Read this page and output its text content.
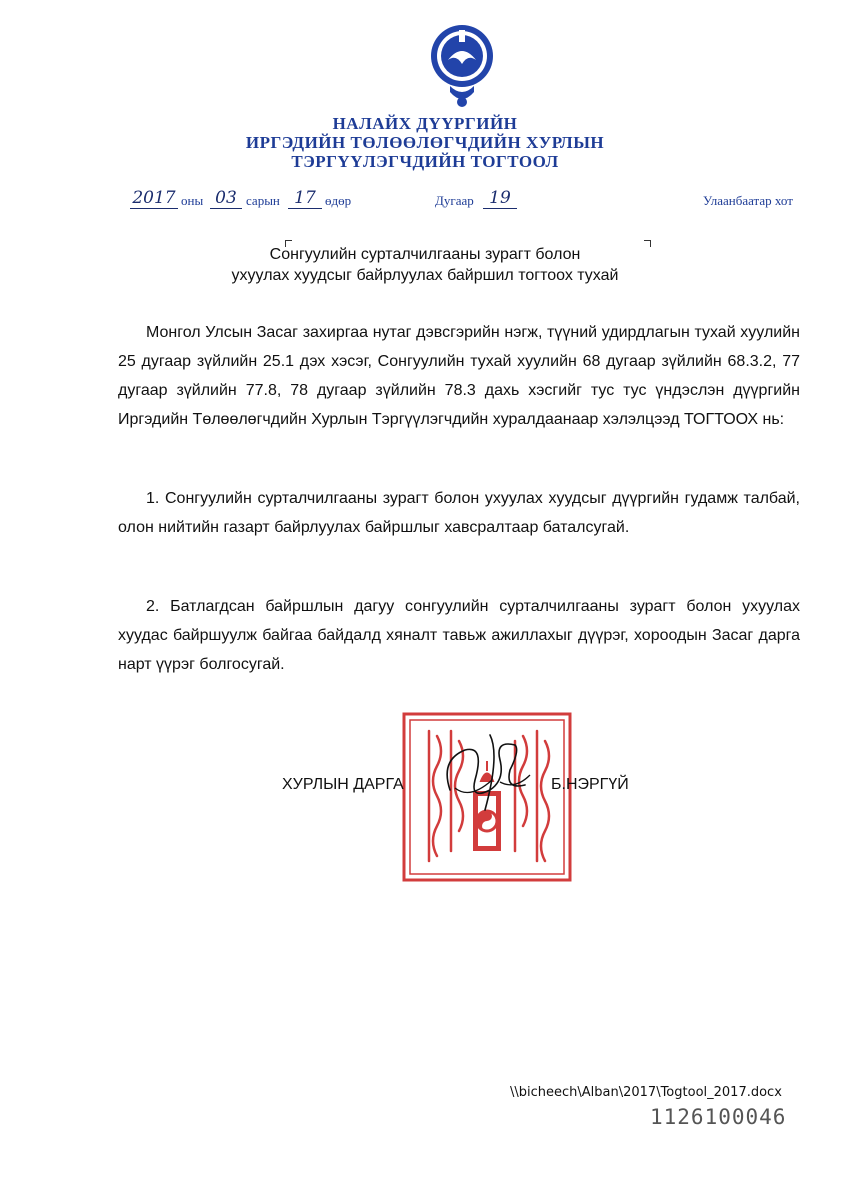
НАЛАЙХ ДҮҮРГИЙН
ИРГЭДИЙН ТӨЛӨӨЛӨГЧДИЙН ХУРЛЫН
ТЭРГҮҮЛЭГЧДИЙН ТОГТООЛ
2017 оны 03 сарын 17 өдөр	Дугаар 19	Улаанбаатар хот
Сонгуулийн сурталчилгааны зурагт болон
ухуулах хуудсыг байрлуулах байршил тогтоох тухай
Монгол Улсын Засаг захиргаа нутаг дэвсгэрийн нэгж, түүний удирдлагын тухай хуулийн 25 дугаар зүйлийн 25.1 дэх хэсэг, Сонгуулийн тухай хуулийн 68 дугаар зүйлийн 68.3.2, 77 дугаар зүйлийн 77.8, 78 дугаар зүйлийн 78.3 дахь хэсгийг тус тус үндэслэн дүүргийн Иргэдийн Төлөөлөгчдийн Хурлын Тэргүүлэгчдийн хуралдаанаар хэлэлцээд ТОГТООХ нь:
1. Сонгуулийн сурталчилгааны зурагт болон ухуулах хуудсыг дүүргийн гудамж талбай, олон нийтийн газарт байрлуулах байршлыг хавсралтаар баталсугай.
2. Батлагдсан байршлын дагуу сонгуулийн сурталчилгааны зурагт болон ухуулах хуудас байршуулж байгаа байдалд хяналт тавьж ажиллахыг дүүрэг, хороодын Засаг дарга нарт үүрэг болгосугай.
ХУРЛЫН ДАРГА	Б.НЭРГҮЙ
\\bicheech\Alban\2017\Togtool_2017.docx
1126100046
